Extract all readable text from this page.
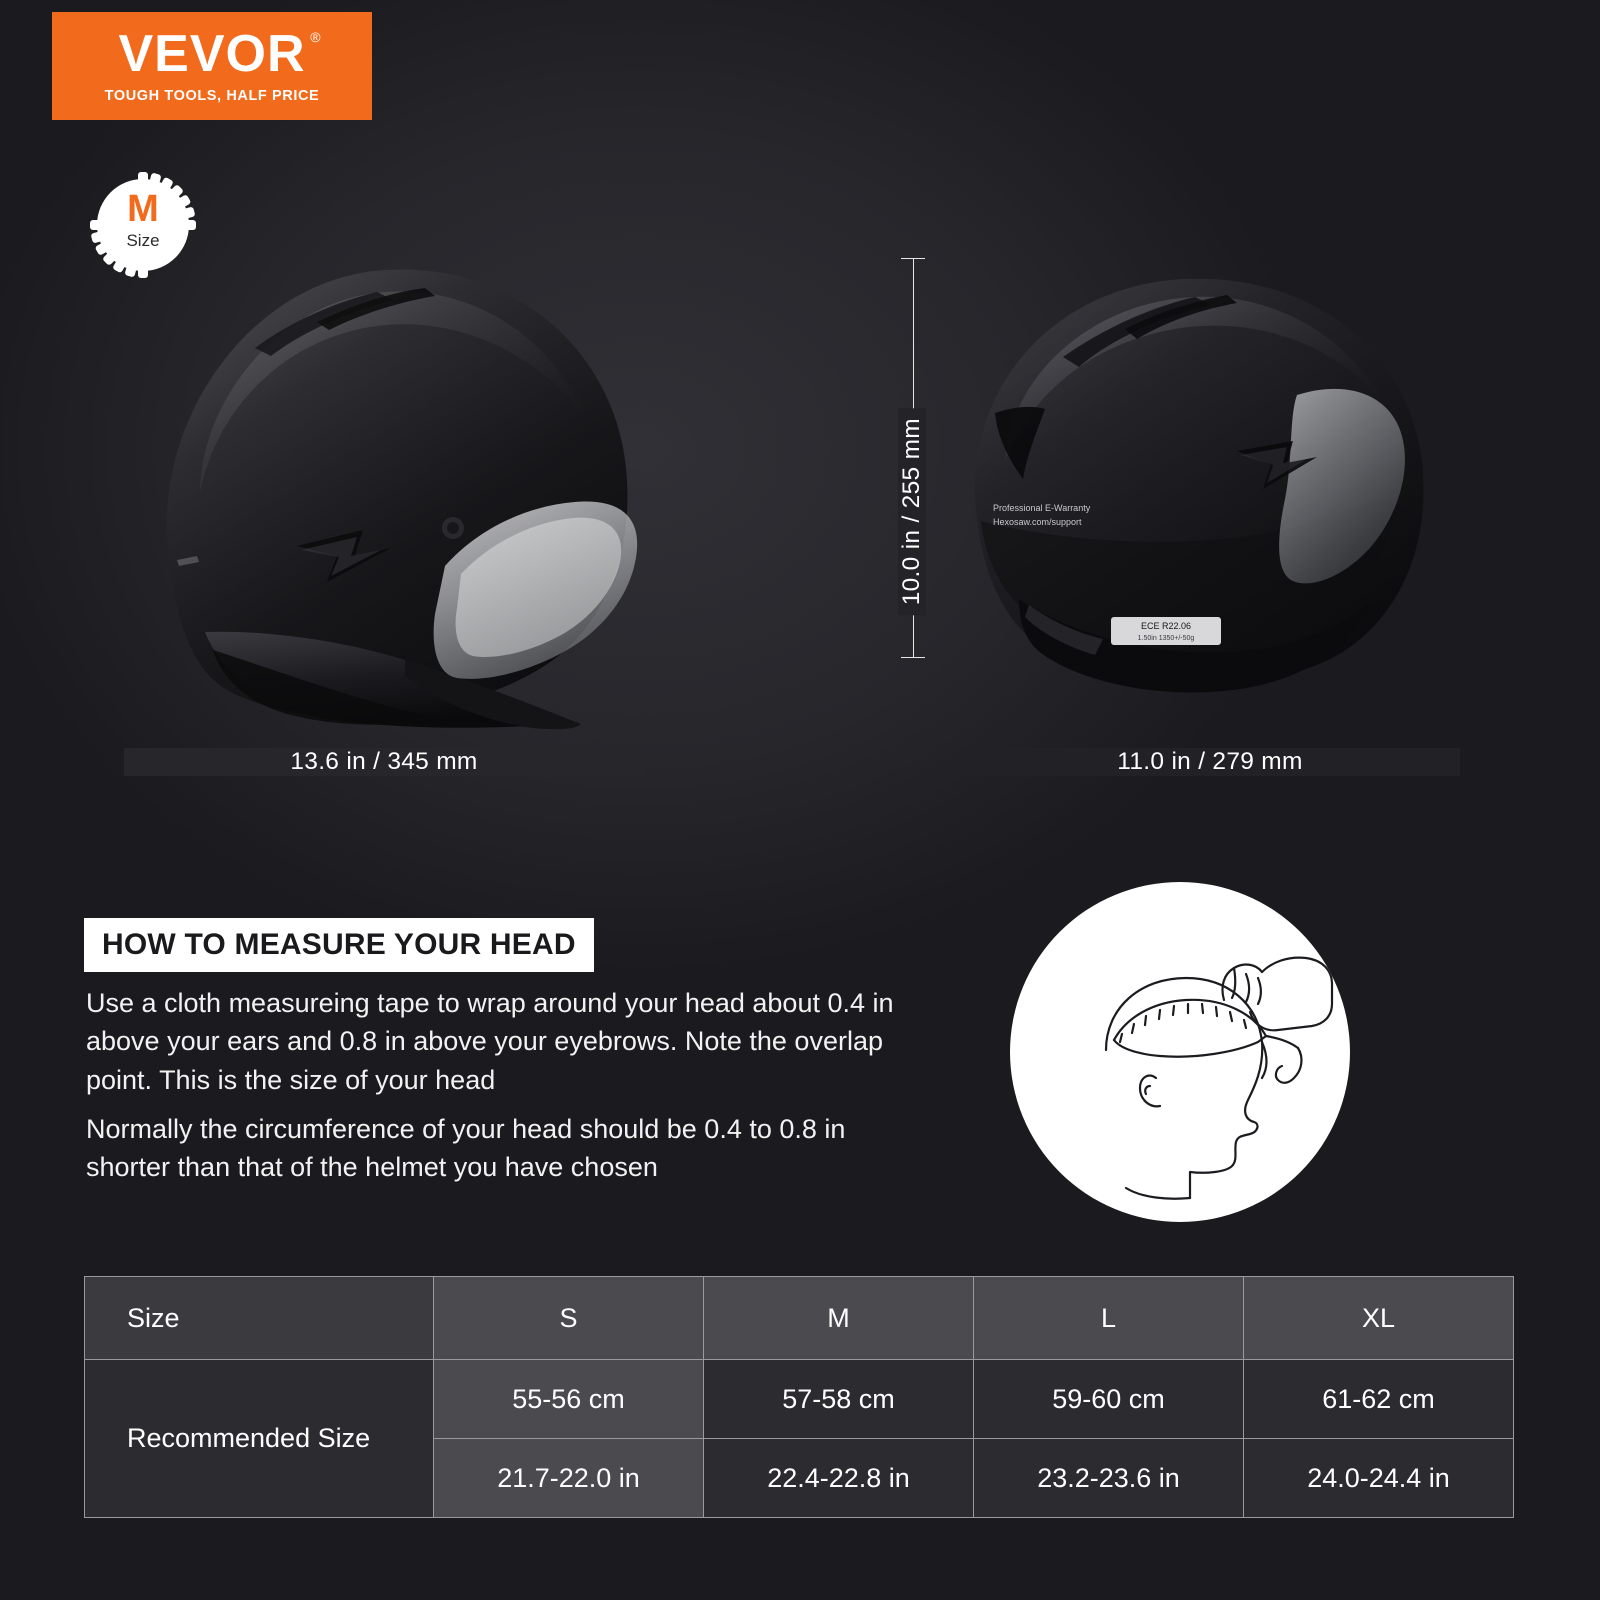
VEVOR ®
TOUGH TOOLS, HALF PRICE
M
Size
ECE R22.06
1.50in 1350+/-50g
Professional E-Warranty
Hexosaw.com/support
13.6 in / 345 mm	11.0 in / 279 mm
10.0 in / 255 mm
HOW TO MEASURE YOUR HEAD
Use a cloth measureing tape to wrap around your head about 0.4 in above your ears and 0.8 in above your eyebrows. Note the overlap point. This is the size of your head
Normally the circumference of your head should be 0.4 to 0.8 in shorter than that of the helmet you have chosen
Size	S	M	L	XL
Recommended Size	55-56 cm	57-58 cm	59-60 cm	61-62 cm
	21.7-22.0 in	22.4-22.8 in	23.2-23.6 in	24.0-24.4 in
